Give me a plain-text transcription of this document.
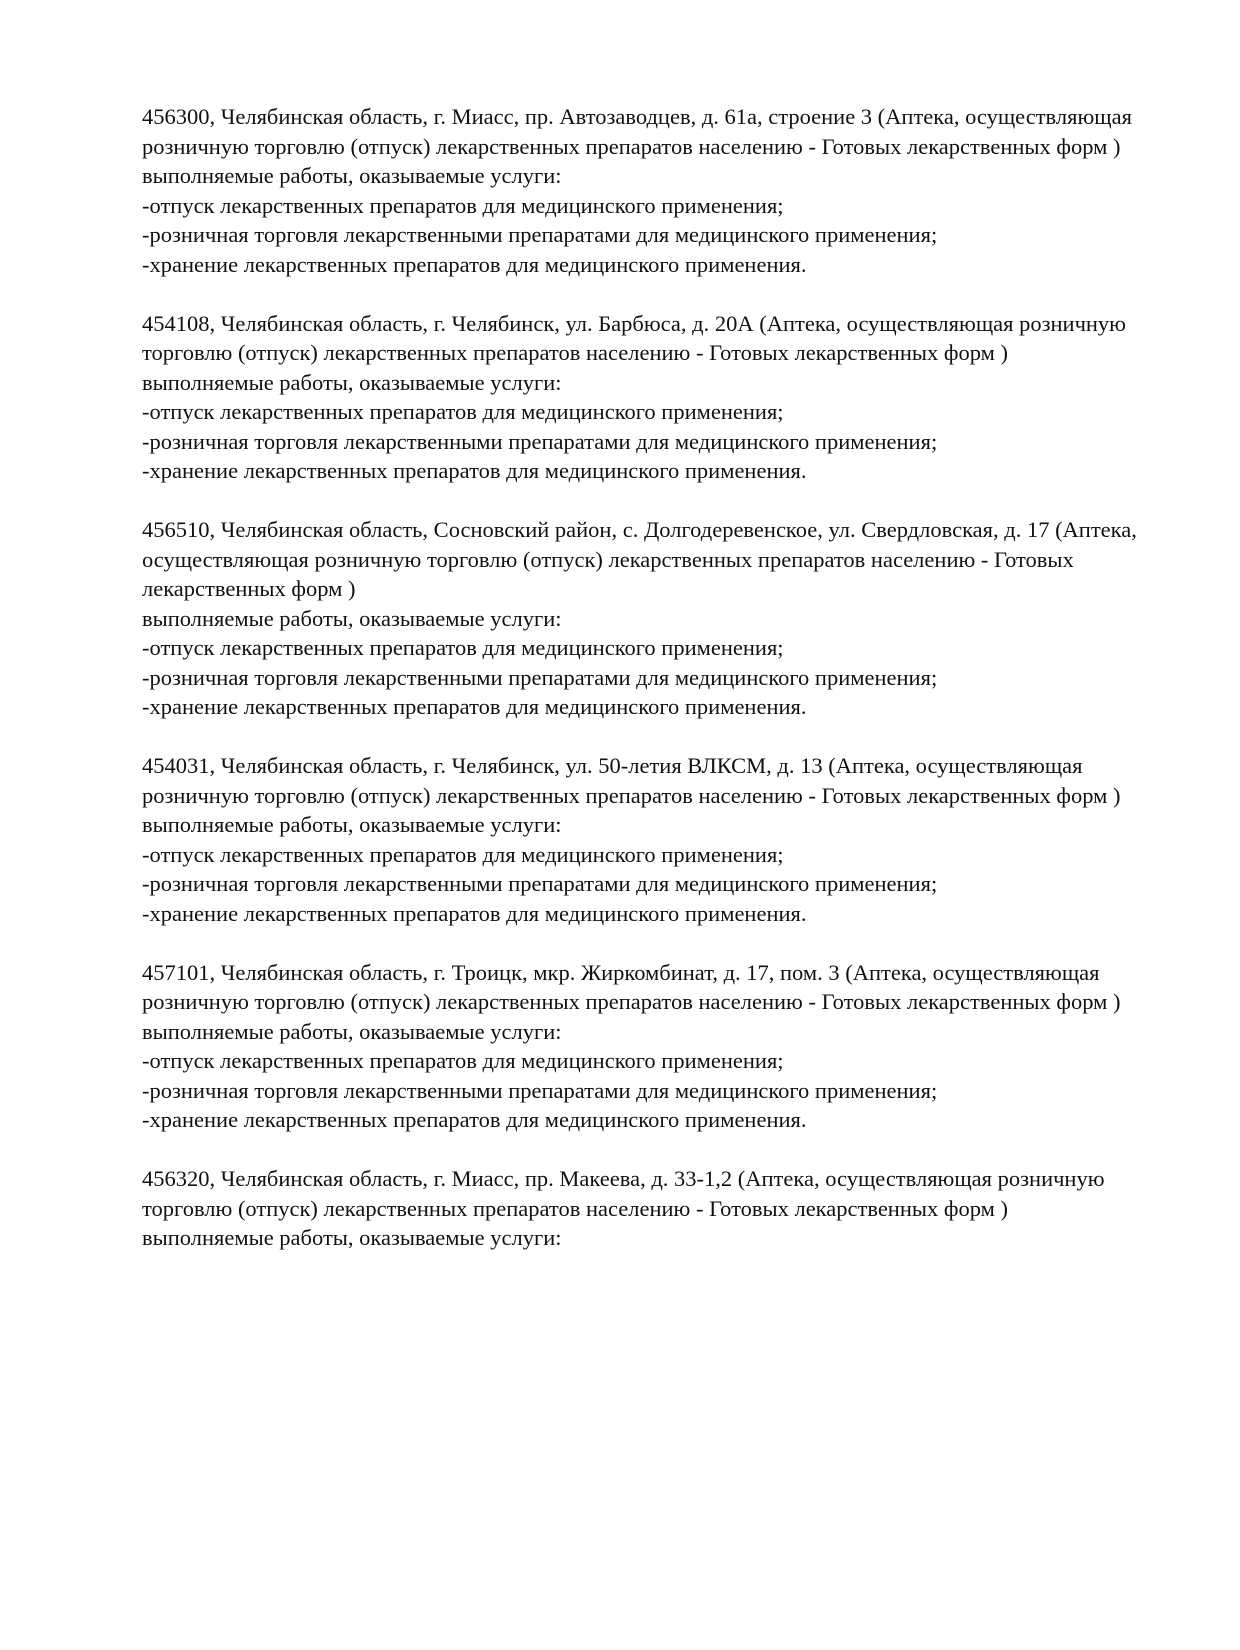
456300, Челябинская область, г. Миасс, пр. Автозаводцев, д. 61а, строение 3 (Аптека, осуществляющая розничную торговлю (отпуск) лекарственных препаратов населению - Готовых лекарственных форм )

выполняемые работы, оказываемые услуги:

-отпуск лекарственных препаратов для медицинского применения;

-розничная торговля лекарственными препаратами для медицинского применения;

-хранение лекарственных препаратов для медицинского применения.

454108, Челябинская область, г. Челябинск, ул. Барбюса, д. 20А (Аптека, осуществляющая розничную торговлю (отпуск) лекарственных препаратов населению - Готовых лекарственных форм )

выполняемые работы, оказываемые услуги:

-отпуск лекарственных препаратов для медицинского применения;

-розничная торговля лекарственными препаратами для медицинского применения;

-хранение лекарственных препаратов для медицинского применения.

456510, Челябинская область, Сосновский район, с. Долгодеревенское, ул. Свердловская, д. 17 (Аптека, осуществляющая розничную торговлю (отпуск) лекарственных препаратов населению - Готовых лекарственных форм )

выполняемые работы, оказываемые услуги:

-отпуск лекарственных препаратов для медицинского применения;

-розничная торговля лекарственными препаратами для медицинского применения;

-хранение лекарственных препаратов для медицинского применения.

454031, Челябинская область, г. Челябинск, ул. 50-летия ВЛКСМ, д. 13 (Аптека, осуществляющая розничную торговлю (отпуск) лекарственных препаратов населению - Готовых лекарственных форм )

выполняемые работы, оказываемые услуги:

-отпуск лекарственных препаратов для медицинского применения;

-розничная торговля лекарственными препаратами для медицинского применения;

-хранение лекарственных препаратов для медицинского применения.

457101, Челябинская область, г. Троицк, мкр. Жиркомбинат, д. 17, пом. 3 (Аптека, осуществляющая розничную торговлю (отпуск) лекарственных препаратов населению - Готовых лекарственных форм )

выполняемые работы, оказываемые услуги:

-отпуск лекарственных препаратов для медицинского применения;

-розничная торговля лекарственными препаратами для медицинского применения;

-хранение лекарственных препаратов для медицинского применения.

456320, Челябинская область, г. Миасс, пр. Макеева, д. 33-1,2 (Аптека, осуществляющая розничную торговлю (отпуск) лекарственных препаратов населению - Готовых лекарственных форм )

выполняемые работы, оказываемые услуги:
